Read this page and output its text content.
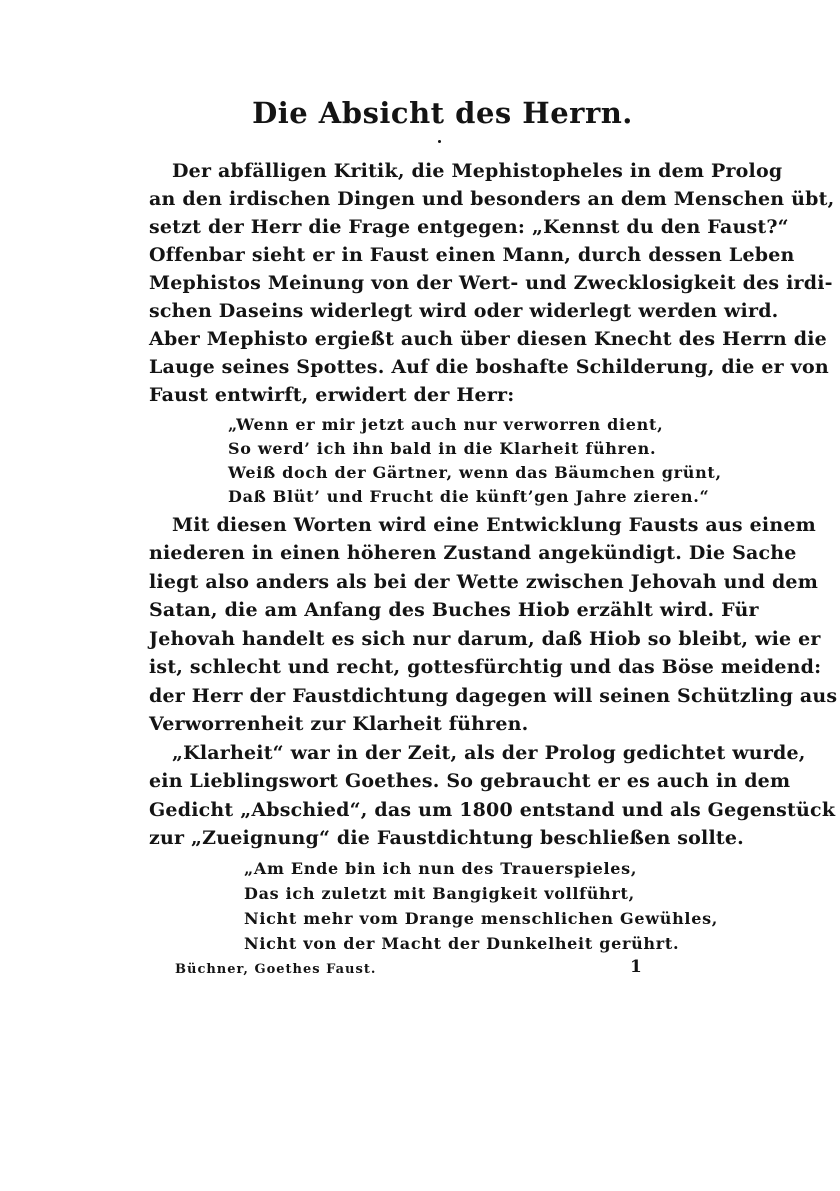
Die Absicht des Herrn.

Der abfälligen Kritik, die Mephistopheles in dem Prolog

an den irdischen Dingen und besonders an dem Menschen übt,

setzt der Herr die Frage entgegen: „Kennst du den Faust?“

Offenbar sieht er in Faust einen Mann, durch dessen Leben

Mephistos Meinung von der Wert- und Zwecklosigkeit des irdi-

schen Daseins widerlegt wird oder widerlegt werden wird.

Aber Mephisto ergießt auch über diesen Knecht des Herrn die

Lauge seines Spottes. Auf die boshafte Schilderung, die er von

Faust entwirft, erwidert der Herr:

„Wenn er mir jetzt auch nur verworren dient,

So werd’ ich ihn bald in die Klarheit führen.

Weiß doch der Gärtner, wenn das Bäumchen grünt,

Daß Blüt’ und Frucht die künft’gen Jahre zieren.“

Mit diesen Worten wird eine Entwicklung Fausts aus einem

niederen in einen höheren Zustand angekündigt. Die Sache

liegt also anders als bei der Wette zwischen Jehovah und dem

Satan, die am Anfang des Buches Hiob erzählt wird. Für

Jehovah handelt es sich nur darum, daß Hiob so bleibt, wie er

ist, schlecht und recht, gottesfürchtig und das Böse meidend:

der Herr der Faustdichtung dagegen will seinen Schützling aus

Verworrenheit zur Klarheit führen.

„Klarheit“ war in der Zeit, als der Prolog gedichtet wurde,

ein Lieblingswort Goethes. So gebraucht er es auch in dem

Gedicht „Abschied“, das um 1800 entstand und als Gegenstück

zur „Zueignung“ die Faustdichtung beschließen sollte.

„Am Ende bin ich nun des Trauerspieles,

Das ich zuletzt mit Bangigkeit vollführt,

Nicht mehr vom Drange menschlichen Gewühles,

Nicht von der Macht der Dunkelheit gerührt.

Büchner, Goethes Faust.	1
